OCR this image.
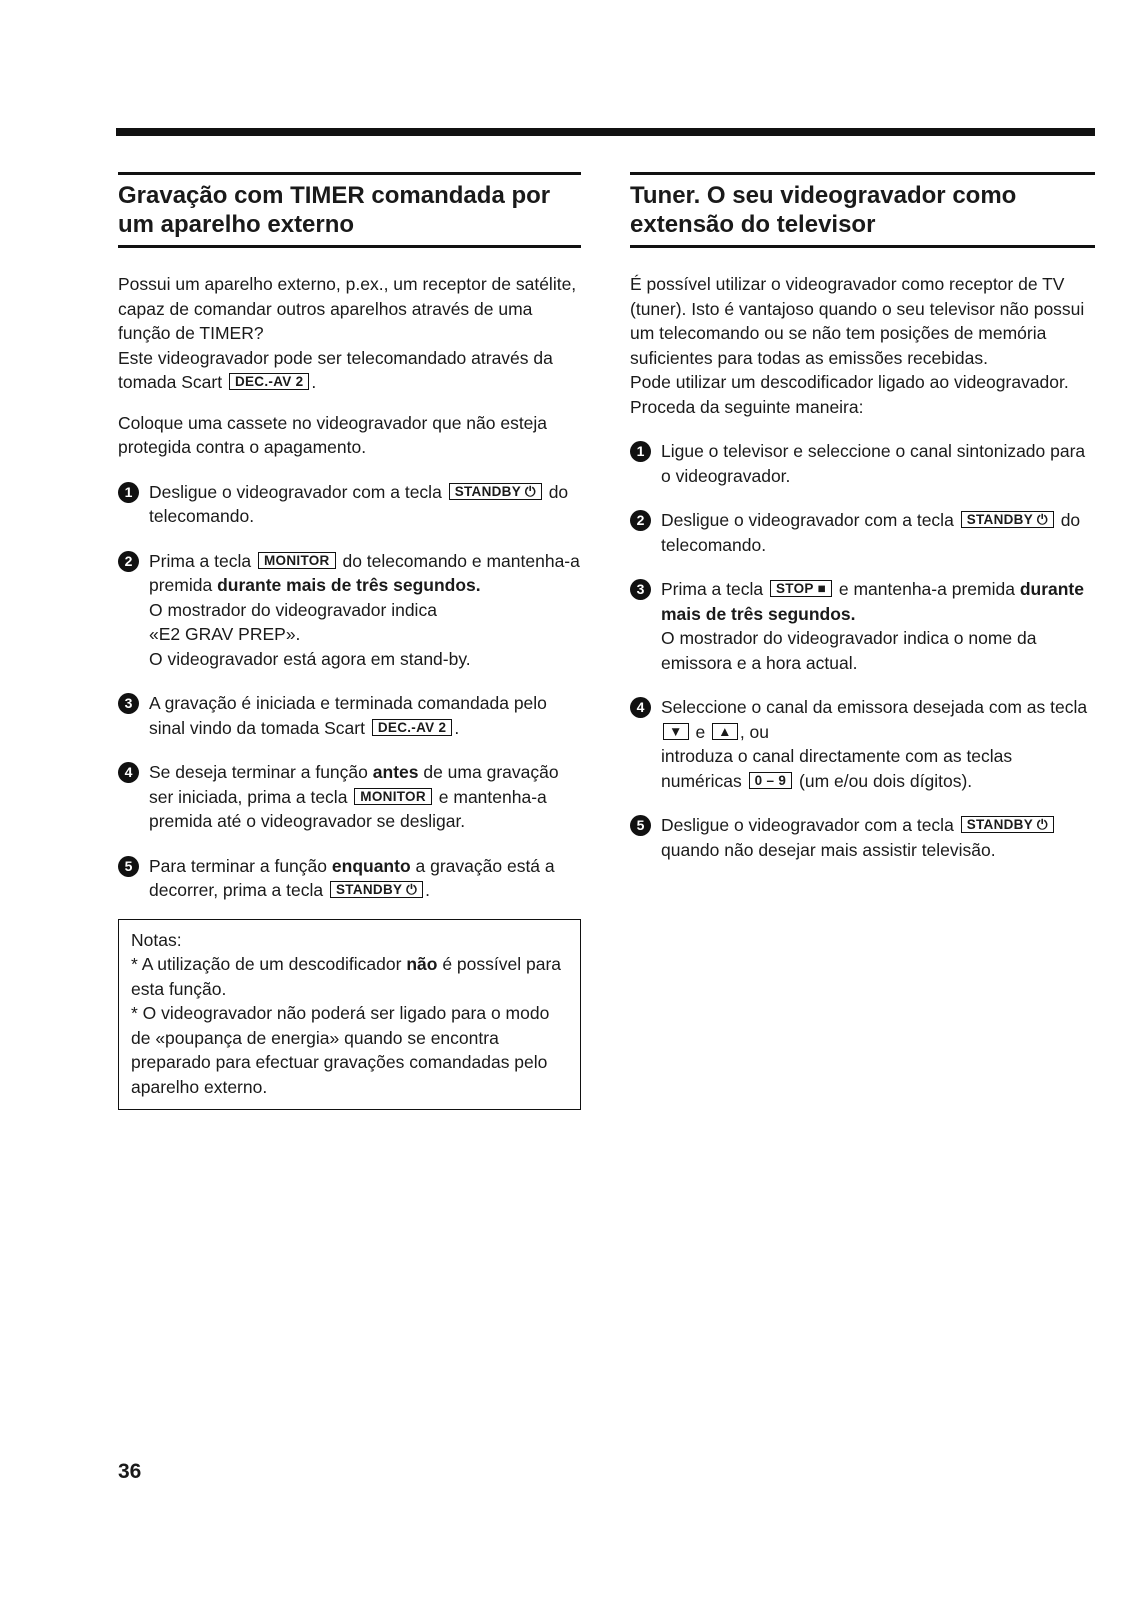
Gravação com TIMER comandada por um aparelho externo

Possui um aparelho externo, p.ex., um receptor de satélite, capaz de comandar outros aparelhos através de uma função de TIMER?

Este videogravador pode ser telecomandado através da tomada Scart DEC.-AV 2 .

Coloque uma cassete no videogravador que não esteja protegida contra o apagamento.
1 Desligue o videogravador com a tecla STANDBY ⏻ do telecomando.
2 Prima a tecla MONITOR do telecomando e mantenha-a premida durante mais de três segundos.

O mostrador do videogravador indica

«E2 GRAV PREP».

O videogravador está agora em stand-by.

3 A gravação é iniciada e terminada comandada pelo sinal vindo da tomada Scart DEC.-AV 2 .
4 Se deseja terminar a função antes de uma gravação ser iniciada, prima a tecla MONITOR e mantenha-a premida até o videogravador se desligar.
5 Para terminar a função enquanto a gravação está a decorrer, prima a tecla STANDBY ⏻ .

Notas:

* A utilização de um descodificador não é possível para esta função.

* O videogravador não poderá ser ligado para o modo de «poupança de energia» quando se encontra preparado para efectuar gravações comandadas pelo aparelho externo.

Tuner. O seu videogravador como extensão do televisor

É possível utilizar o videogravador como receptor de TV (tuner). Isto é vantajoso quando o seu televisor não possui um telecomando ou se não tem posições de memória suficientes para todas as emissões recebidas.

Pode utilizar um descodificador ligado ao videogravador.

Proceda da seguinte maneira:

1 Ligue o televisor e seleccione o canal sintonizado para o videogravador.
2 Desligue o videogravador com a tecla STANDBY ⏻ do telecomando.
3 Prima a tecla STOP ■ e mantenha-a premida durante mais de três segundos.

O mostrador do videogravador indica o nome da emissora e a hora actual.

4 Seleccione o canal da emissora desejada com as tecla ▼ e ▲ , ou

introduza o canal directamente com as teclas numéricas 0 – 9 (um e/ou dois dígitos).

5 Desligue o videogravador com a tecla STANDBY ⏻ quando não desejar mais assistir televisão.
36
